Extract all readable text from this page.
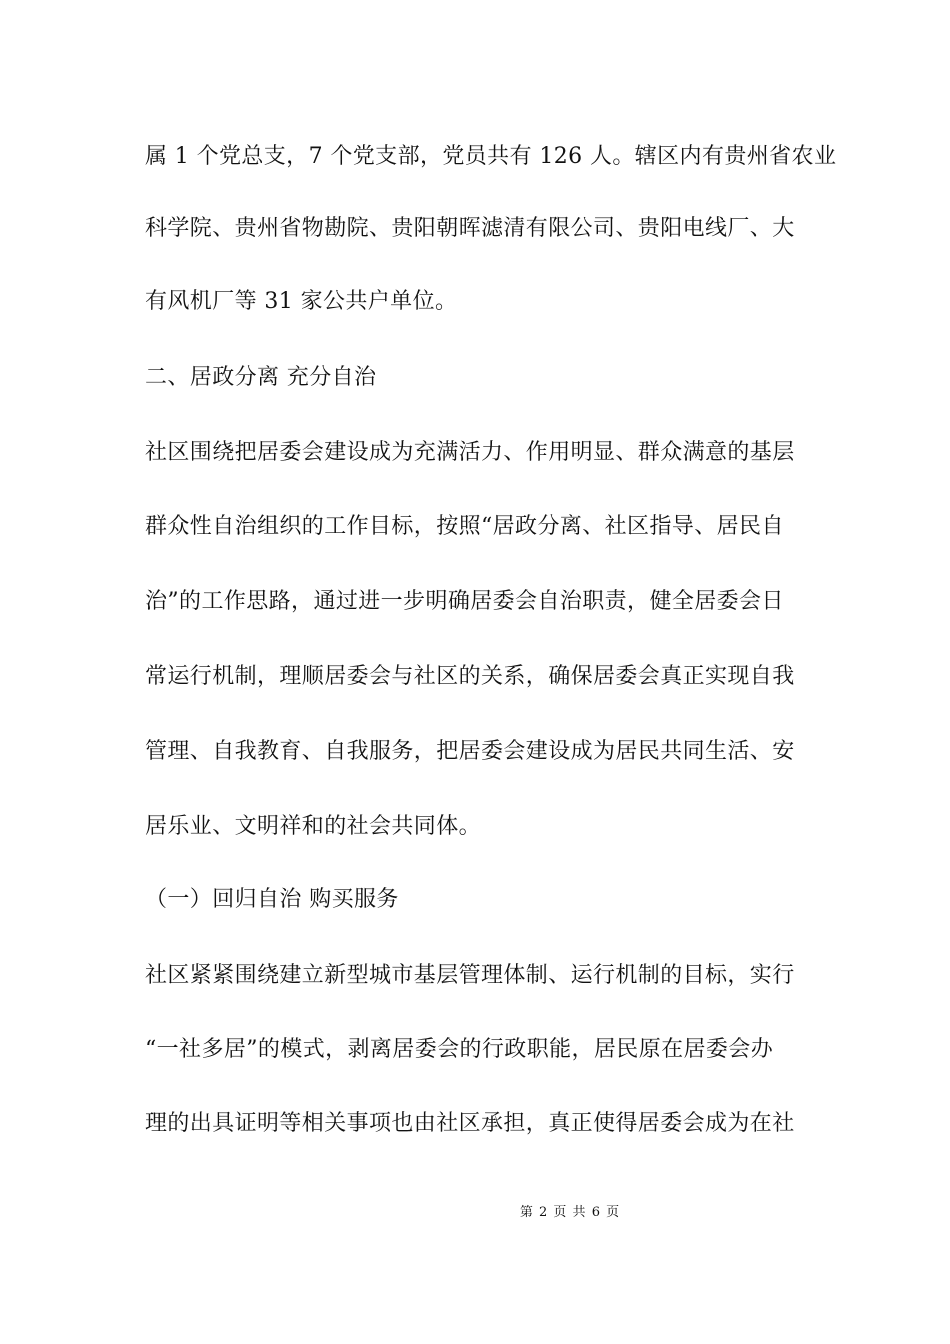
属 1 个党总支，7 个党支部，党员共有 126 人。辖区内有贵州省农业
科学院、贵州省物勘院、贵阳朝晖滤清有限公司、贵阳电线厂、大
有风机厂等 31 家公共户单位。
二、居政分离 充分自治
社区围绕把居委会建设成为充满活力、作用明显、群众满意的基层
群众性自治组织的工作目标，按照“居政分离、社区指导、居民自
治”的工作思路，通过进一步明确居委会自治职责，健全居委会日
常运行机制，理顺居委会与社区的关系，确保居委会真正实现自我
管理、自我教育、自我服务，把居委会建设成为居民共同生活、安
居乐业、文明祥和的社会共同体。
（一）回归自治 购买服务
社区紧紧围绕建立新型城市基层管理体制、运行机制的目标，实行
“一社多居”的模式，剥离居委会的行政职能，居民原在居委会办
理的出具证明等相关事项也由社区承担，真正使得居委会成为在社
第 2 页 共 6 页
